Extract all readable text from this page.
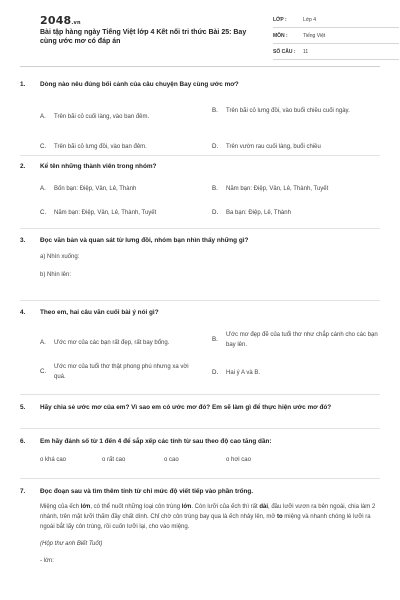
2048.vn
Bài tập hàng ngày Tiếng Việt lớp 4 Kết nối tri thức Bài 25: Bay cùng ước mơ có đáp án
LỚP :	Lớp 4
MÔN :	Tiếng Việt
SỐ CÂU :	11
1.	Dòng nào nêu đúng bối cảnh của câu chuyện Bay cùng ước mơ?
A.	Trên bãi cỏ cuối làng, vào ban đêm.
B.	Trên bãi cỏ lưng đồi, vào buổi chiều cuối ngày.
C.	Trên bãi cỏ lưng đồi, vào ban đêm.	D.	Trên vườn rau cuối làng, buổi chiều
2.	Kể tên những thành viên trong nhóm?
A.	Bốn bạn: Điệp, Vân, Lê, Thành	B.	Năm bạn: Điệp, Vân, Lê, Thành, Tuyết
C.	Năm bạn: Điệp, Vân, Lê, Thành, Tuyết	D.	Ba bạn: Điệp, Lê, Thành
3.	Đọc văn bản và quan sát từ lưng đồi, nhóm bạn nhìn thấy những gì?
a) Nhìn xuống:
b) Nhìn lên:
4.	Theo em, hai câu văn cuối bài ý nói gì?
A.	Ước mơ của các bạn rất đẹp, rất bay bổng.
B.
Ước mơ đẹp đẽ của tuổi thơ như chắp cánh cho các bạn bay lên.
C.
Ước mơ của tuổi thơ thật phong phú nhưng xa vời quá.
D.	Hai ý A và B.
5.	Hãy chia sẻ ước mơ của em? Vì sao em có ước mơ đó? Em sẽ làm gì để thực hiện ước mơ đó?
6.	Em hãy đánh số từ 1 đến 4 để sắp xếp các tính từ sau theo độ cao tăng dần:
o khá cao	o rất cao	o cao	o hơi cao
7.	Đọc đoạn sau và tìm thêm tính từ chỉ mức độ viết tiếp vào phần trống.
Miệng của ếch lớn, có thể nuốt những loại côn trùng lớn. Còn lưỡi của ếch thì rất dài, đầu lưỡi vươn ra bên ngoài, chia làm 2 nhánh, trên mặt lưỡi thấm đầy chất dính. Chỉ chờ côn trùng bay qua là ếch nhảy lên, mở to miệng và nhanh chóng lè lưỡi ra ngoài bắt lấy côn trùng, rồi cuốn lưỡi lại, cho vào miệng.
(Hộp thư anh Biết Tuốt)
- lớn:
